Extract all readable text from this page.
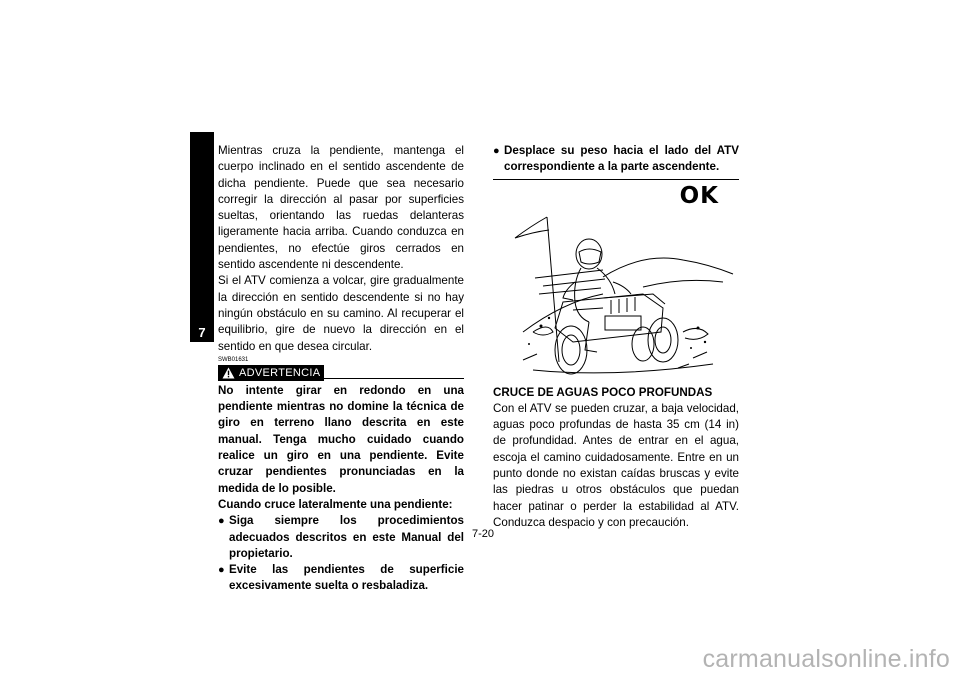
7

Mientras cruza la pendiente, mantenga el cuerpo inclinado en el sentido ascendente de dicha pendiente. Puede que sea necesario corregir la dirección al pasar por superficies sueltas, orientando las ruedas delanteras ligeramente hacia arriba. Cuando conduzca en pendientes, no efectúe giros cerrados en sentido ascendente ni descendente.

Si el ATV comienza a volcar, gire gradualmente la dirección en sentido descendente si no hay ningún obstáculo en su camino. Al recuperar el equilibrio, gire de nuevo la dirección en el sentido en que desea circular.

SWB01631
ADVERTENCIA

No intente girar en redondo en una pendiente mientras no domine la técnica de giro en terreno llano descrita en este manual. Tenga mucho cuidado cuando realice un giro en una pendiente. Evite cruzar pendientes pronunciadas en la medida de lo posible.

Cuando cruce lateralmente una pendiente:

● Siga siempre los procedimientos adecuados descritos en este Manual del propietario.
● Evite las pendientes de superficie excesivamente suelta o resbaladiza.
● Desplace su peso hacia el lado del ATV correspondiente a la parte ascendente.
OK

CRUCE DE AGUAS POCO PROFUNDAS

Con el ATV se pueden cruzar, a baja velocidad, aguas poco profundas de hasta 35 cm (14 in) de profundidad. Antes de entrar en el agua, escoja el camino cuidadosamente. Entre en un punto donde no existan caídas bruscas y evite las piedras u otros obstáculos que puedan hacer patinar o perder la estabilidad al ATV. Conduzca despacio y con precaución.

7-20
carmanualsonline.info
